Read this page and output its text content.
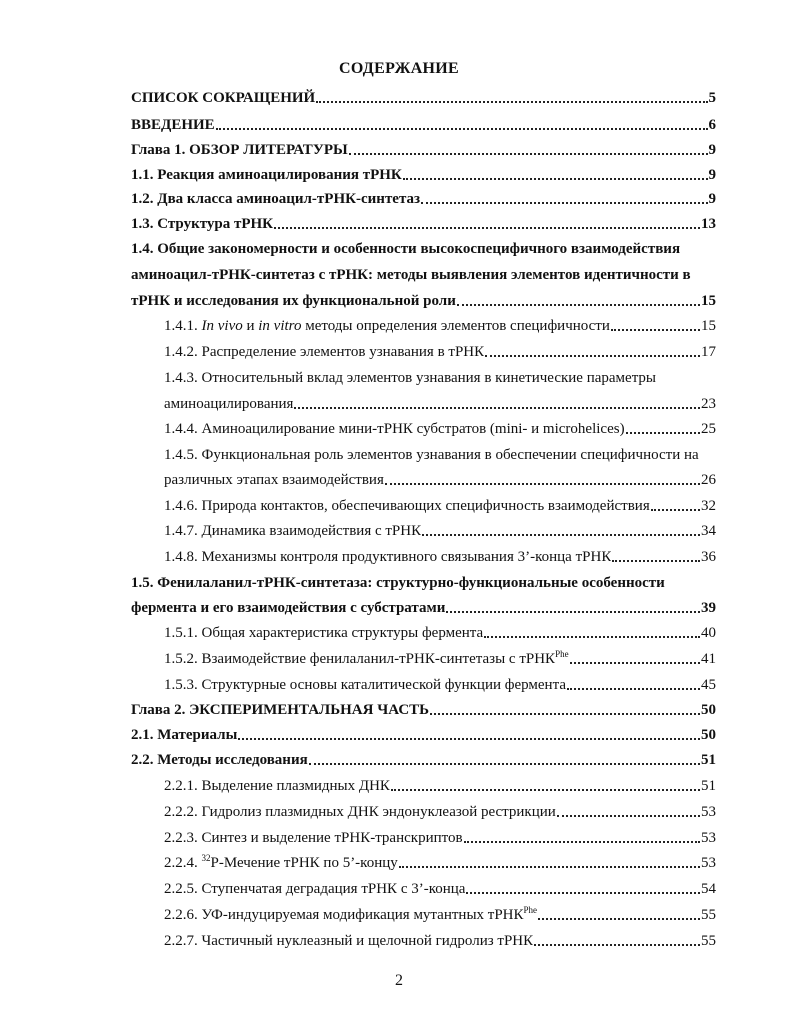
СОДЕРЖАНИЕ
СПИСОК СОКРАЩЕНИЙ	5
ВВЕДЕНИЕ	6
Глава 1. ОБЗОР ЛИТЕРАТУРЫ	9
1.1. Реакция аминоацилирования тРНК	9
1.2. Два класса аминоацил-тРНК-синтетаз	9
1.3. Структура тРНК	13
1.4. Общие закономерности и особенности высокоспецифичного взаимодействия
аминоацил-тРНК-синтетаз с тРНК: методы выявления элементов идентичности в
тРНК и исследования их функциональной роли	15
1.4.1. In vivo и in vitro методы определения элементов специфичности	15
1.4.2. Распределение элементов узнавания в тРНК	17
1.4.3. Относительный вклад элементов узнавания в кинетические параметры
аминоацилирования	23
1.4.4. Аминоацилирование мини-тРНК субстратов (mini- и microhelices)	25
1.4.5. Функциональная роль элементов узнавания в обеспечении специфичности на
различных этапах взаимодействия	26
1.4.6. Природа контактов, обеспечивающих специфичность взаимодействия	32
1.4.7. Динамика взаимодействия с тРНК	34
1.4.8. Механизмы контроля продуктивного связывания 3’-конца тРНК	36
1.5. Фенилаланил-тРНК-синтетаза: структурно-функциональные особенности
фермента и его взаимодействия с субстратами	39
1.5.1. Общая характеристика структуры фермента	40
1.5.2. Взаимодействие фенилаланил-тРНК-синтетазы с тРНК$^{Phe}$	41
1.5.3. Структурные основы каталитической функции фермента	45
Глава 2. ЭКСПЕРИМЕНТАЛЬНАЯ ЧАСТЬ	50
2.1. Материалы	50
2.2. Методы исследования	51
2.2.1. Выделение плазмидных ДНК	51
2.2.2. Гидролиз плазмидных ДНК эндонуклеазой рестрикции	53
2.2.3. Синтез и выделение тРНК-транскриптов	53
2.2.4. $^{32}$Р-Мечение тРНК по 5’-концу	53
2.2.5. Ступенчатая деградация тРНК с 3’-конца	54
2.2.6. УФ-индуцируемая модификация мутантных тРНК$^{Phe}$	55
2.2.7. Частичный нуклеазный и щелочной гидролиз тРНК	55
2
